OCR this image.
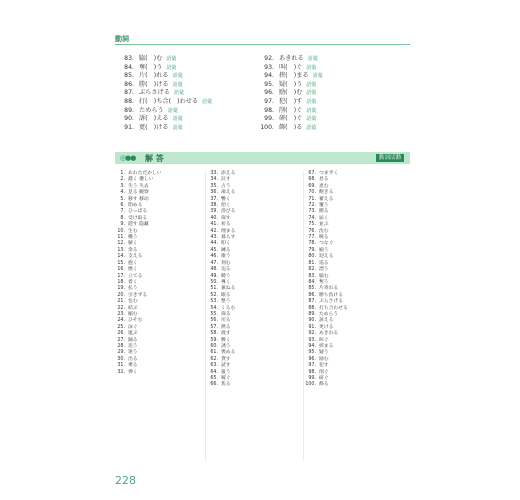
動詞
83. 脇(　)む 語彙
84. 奪(　)う 語彙
85. 片(　)れる 語彙
86. 勝(　)ける 語彙
87. ぶらさげる 語彙
88. 打(　)ち合(　)わせる 語彙
89. ためらう 語彙
90. 訴(　)える 語彙
91. 更(　)ける 語彙
92. あきれる 語彙
93. 叫(　)ぐ 語彙
94. 挟(　)まる 語彙
95. 疑(　)う 語彙
96. 励(　)む 語彙
97. 犯(　)す 語彙
98. 削(　)ぐ 語彙
99. 研(　)ぐ 語彙
100. 飾(　)る 語彙
◎●● 解 答	動詞活動
1. あわただかしい
2. 濃く 優しい
3. 失う 失去
4. 見る 観察
5. 移す 移动
6. 閉める
7. ひっぱる
8. 受け取る
9. 隠す 隐藏
10. 生む
11. 構う
12. 解く
13. 余る
14. 支える
15. 抱く
16. 焼く
17. 立てる
18. 着く
19. 払う
20. 引きずる
21. 包む
22. 結ぶ
23. 縮む
24. ひそむ
25. 泳ぐ
26. 運ぶ
27. 踊る
28. 追う
29. 迷う
30. 出る
31. 乗る
32. 弾く
33. 添える
34. 託す
35. 占う
36. 凍える
37. 響く
38. 招く
39. 浴びる
40. 探す
41. 祈る
42. 埋まる
43. 暮らす
44. 叩く
45. 練る
46. 歌う
47. 刻む
48. 迫る
49. 競う
50. 導く
51. 兼ねる
52. 眠る
53. 整う
54. くるむ
55. 探る
56. 戻る
57. 黙る
58. 渡す
59. 敷く
60. 誘う
61. 褒める
62. 貸す
63. 試す
64. 扱う
65. 稼ぐ
66. 焦る
67. つまずく
68. 怠る
69. 恵む
70. 飽きる
71. 蓄える
72. 覆う
73. 贈る
74. 届く
75. 並ぶ
76. 沈む
77. 映る
78. つなぐ
79. 揃う
80. 迎える
81. 巡る
82. 漂う
83. 脇む
84. 奪う
85. 片寄れる
86. 勝ち負ける
87. ぶらさげる
88. 打ち合わせる
89. ためらう
90. 訴える
91. 更ける
92. あきれる
93. 叫ぐ
94. 挟まる
95. 疑う
96. 励む
97. 犯す
98. 削ぐ
99. 研ぐ
100. 飾る
228
